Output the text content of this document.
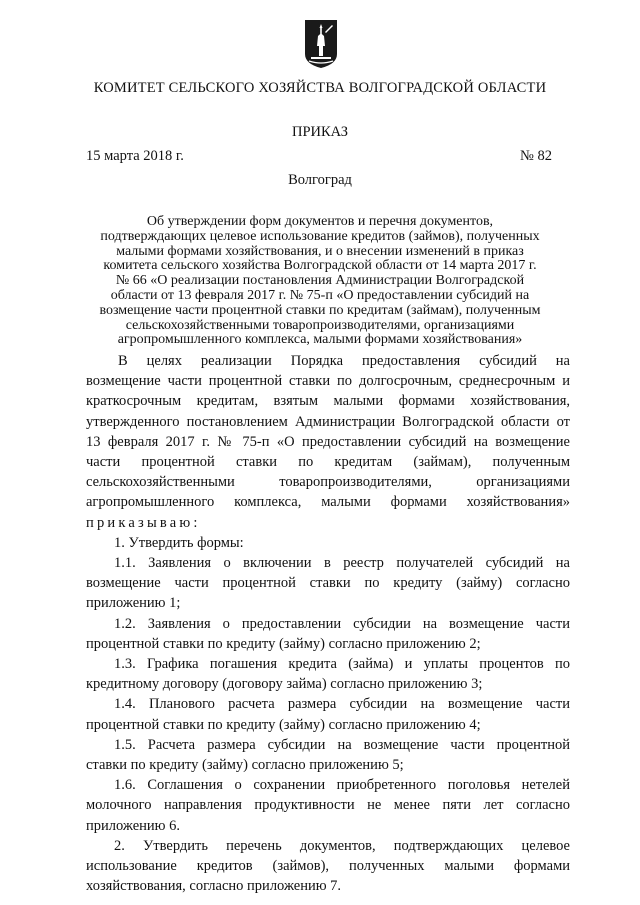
КОМИТЕТ СЕЛЬСКОГО ХОЗЯЙСТВА ВОЛГОГРАДСКОЙ ОБЛАСТИ
ПРИКАЗ
15 марта 2018 г.	№ 82
Волгоград
Об утверждении форм документов и перечня документов,
подтверждающих целевое использование кредитов (займов), полученных
малыми формами хозяйствования, и о внесении изменений в приказ
комитета сельского хозяйства Волгоградской области от 14 марта 2017 г.
№ 66 «О реализации постановления Администрации Волгоградской
области от 13 февраля 2017 г. № 75-п «О предоставлении субсидий на
возмещение части процентной ставки по кредитам (займам), полученным
сельскохозяйственными товаропроизводителями, организациями
агропромышленного комплекса, малыми формами хозяйствования»
В целях реализации Порядка предоставления субсидий на
возмещение части процентной ставки по долгосрочным, среднесрочным и
краткосрочным кредитам, взятым малыми формами хозяйствования,
утвержденного постановлением Администрации Волгоградской области от
13 февраля 2017 г. № 75-п «О предоставлении субсидий на возмещение
части процентной ставки по кредитам (займам), полученным
сельскохозяйственными товаропроизводителями, организациями
агропромышленного комплекса, малыми формами хозяйствования»
приказываю:
1. Утвердить формы:
1.1. Заявления о включении в реестр получателей субсидий на
возмещение части процентной ставки по кредиту (займу) согласно
приложению 1;
1.2. Заявления о предоставлении субсидии на возмещение части
процентной ставки по кредиту (займу) согласно приложению 2;
1.3. Графика погашения кредита (займа) и уплаты процентов по
кредитному договору (договору займа) согласно приложению 3;
1.4. Планового расчета размера субсидии на возмещение части
процентной ставки по кредиту (займу) согласно приложению 4;
1.5. Расчета размера субсидии на возмещение части процентной
ставки по кредиту (займу) согласно приложению 5;
1.6. Соглашения о сохранении приобретенного поголовья нетелей
молочного направления продуктивности не менее пяти лет согласно
приложению 6.
2. Утвердить перечень документов, подтверждающих целевое
использование кредитов (займов), полученных малыми формами
хозяйствования, согласно приложению 7.
